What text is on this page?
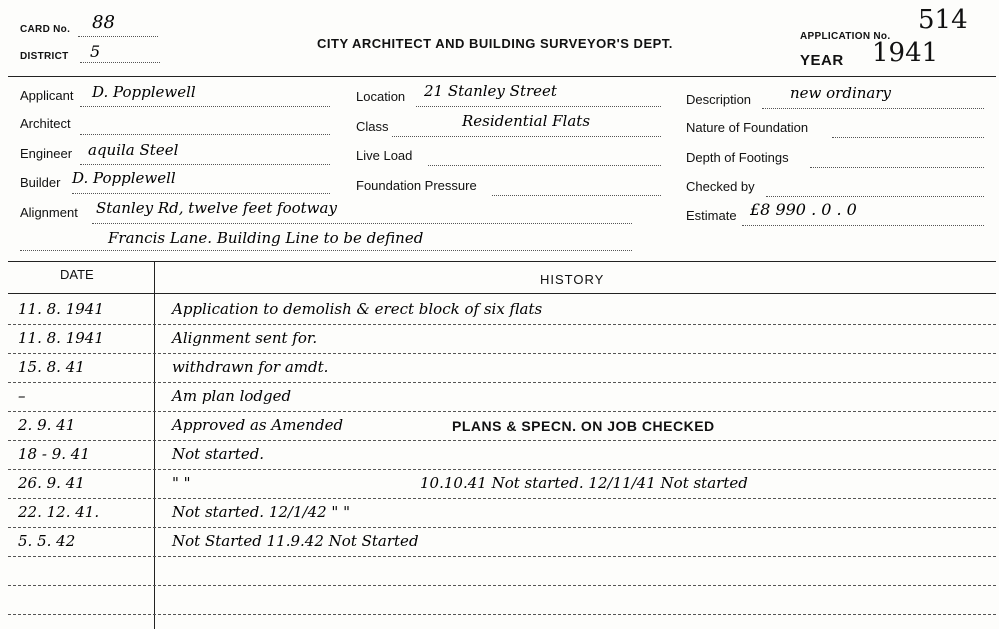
CARD No. 88
DISTRICT 5	CITY ARCHITECT AND BUILDING SURVEYOR'S DEPT.	APPLICATION No.
514
YEAR 1941
Applicant D. Popplewell
Architect
Engineer aquila Steel
Builder D. Popplewell
Alignment Stanley Rd, twelve feet footway
Francis Lane. Building Line to be defined
Location 21 Stanley Street
Class	Residential Flats
Live Load
Foundation Pressure
Description	new ordinary
Nature of Foundation
Depth of Footings
Checked by
Estimate £8 990 . 0 . 0
DATE	HISTORY
11. 8. 1941	Application to demolish & erect block of six flats
11. 8. 1941	Alignment sent for.
15. 8. 41	withdrawn for amdt.
–	Am plan lodged
2. 9. 41	Approved as Amended	PLANS & SPECN. ON JOB CHECKED
18 - 9. 41	Not started.
26. 9. 41	" "	10.10.41 Not started. 12/11/41 Not started
22. 12. 41.	Not started. 12/1/42 " "
5. 5. 42	Not Started 11.9.42 Not Started
